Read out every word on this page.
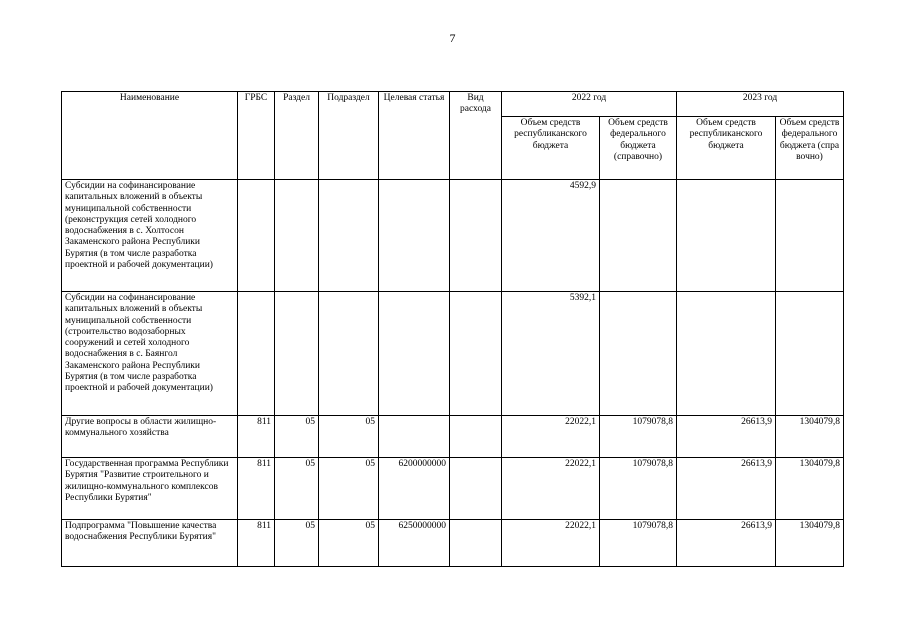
7
Наименование	ГРБС	Раздел	Подраздел	Целевая статья	Вид расхода	2022 год		2023 год	
						Объем средств республиканского бюджета	Объем средств федерального бюджета (справочно)	Объем средств республиканского бюджета	Объем средств федерального бюджета (справочно)
Субсидии на софинансирование капитальных вложений в объекты муниципальной собственности (реконструкция сетей холодного водоснабжения в с. Холтосон Закаменского района Республики Бурятия (в том числе разработка проектной и рабочей документации)						4592,9			
Субсидии на софинансирование капитальных вложений в объекты муниципальной собственности (строительство водозаборных сооружений и сетей холодного водоснабжения в с. Баянгол Закаменского района Республики Бурятия (в том числе разработка проектной и рабочей документации)						5392,1			
Другие вопросы в области жилищно-коммунального хозяйства	811	05	05			22022,1	1079078,8	26613,9	1304079,8
Государственная программа Республики Бурятия "Развитие строительного и жилищно-коммунального комплексов Республики Бурятия"	811	05	05	6200000000		22022,1	1079078,8	26613,9	1304079,8
Подпрограмма "Повышение качества водоснабжения Республики Бурятия"	811	05	05	6250000000		22022,1	1079078,8	26613,9	1304079,8
